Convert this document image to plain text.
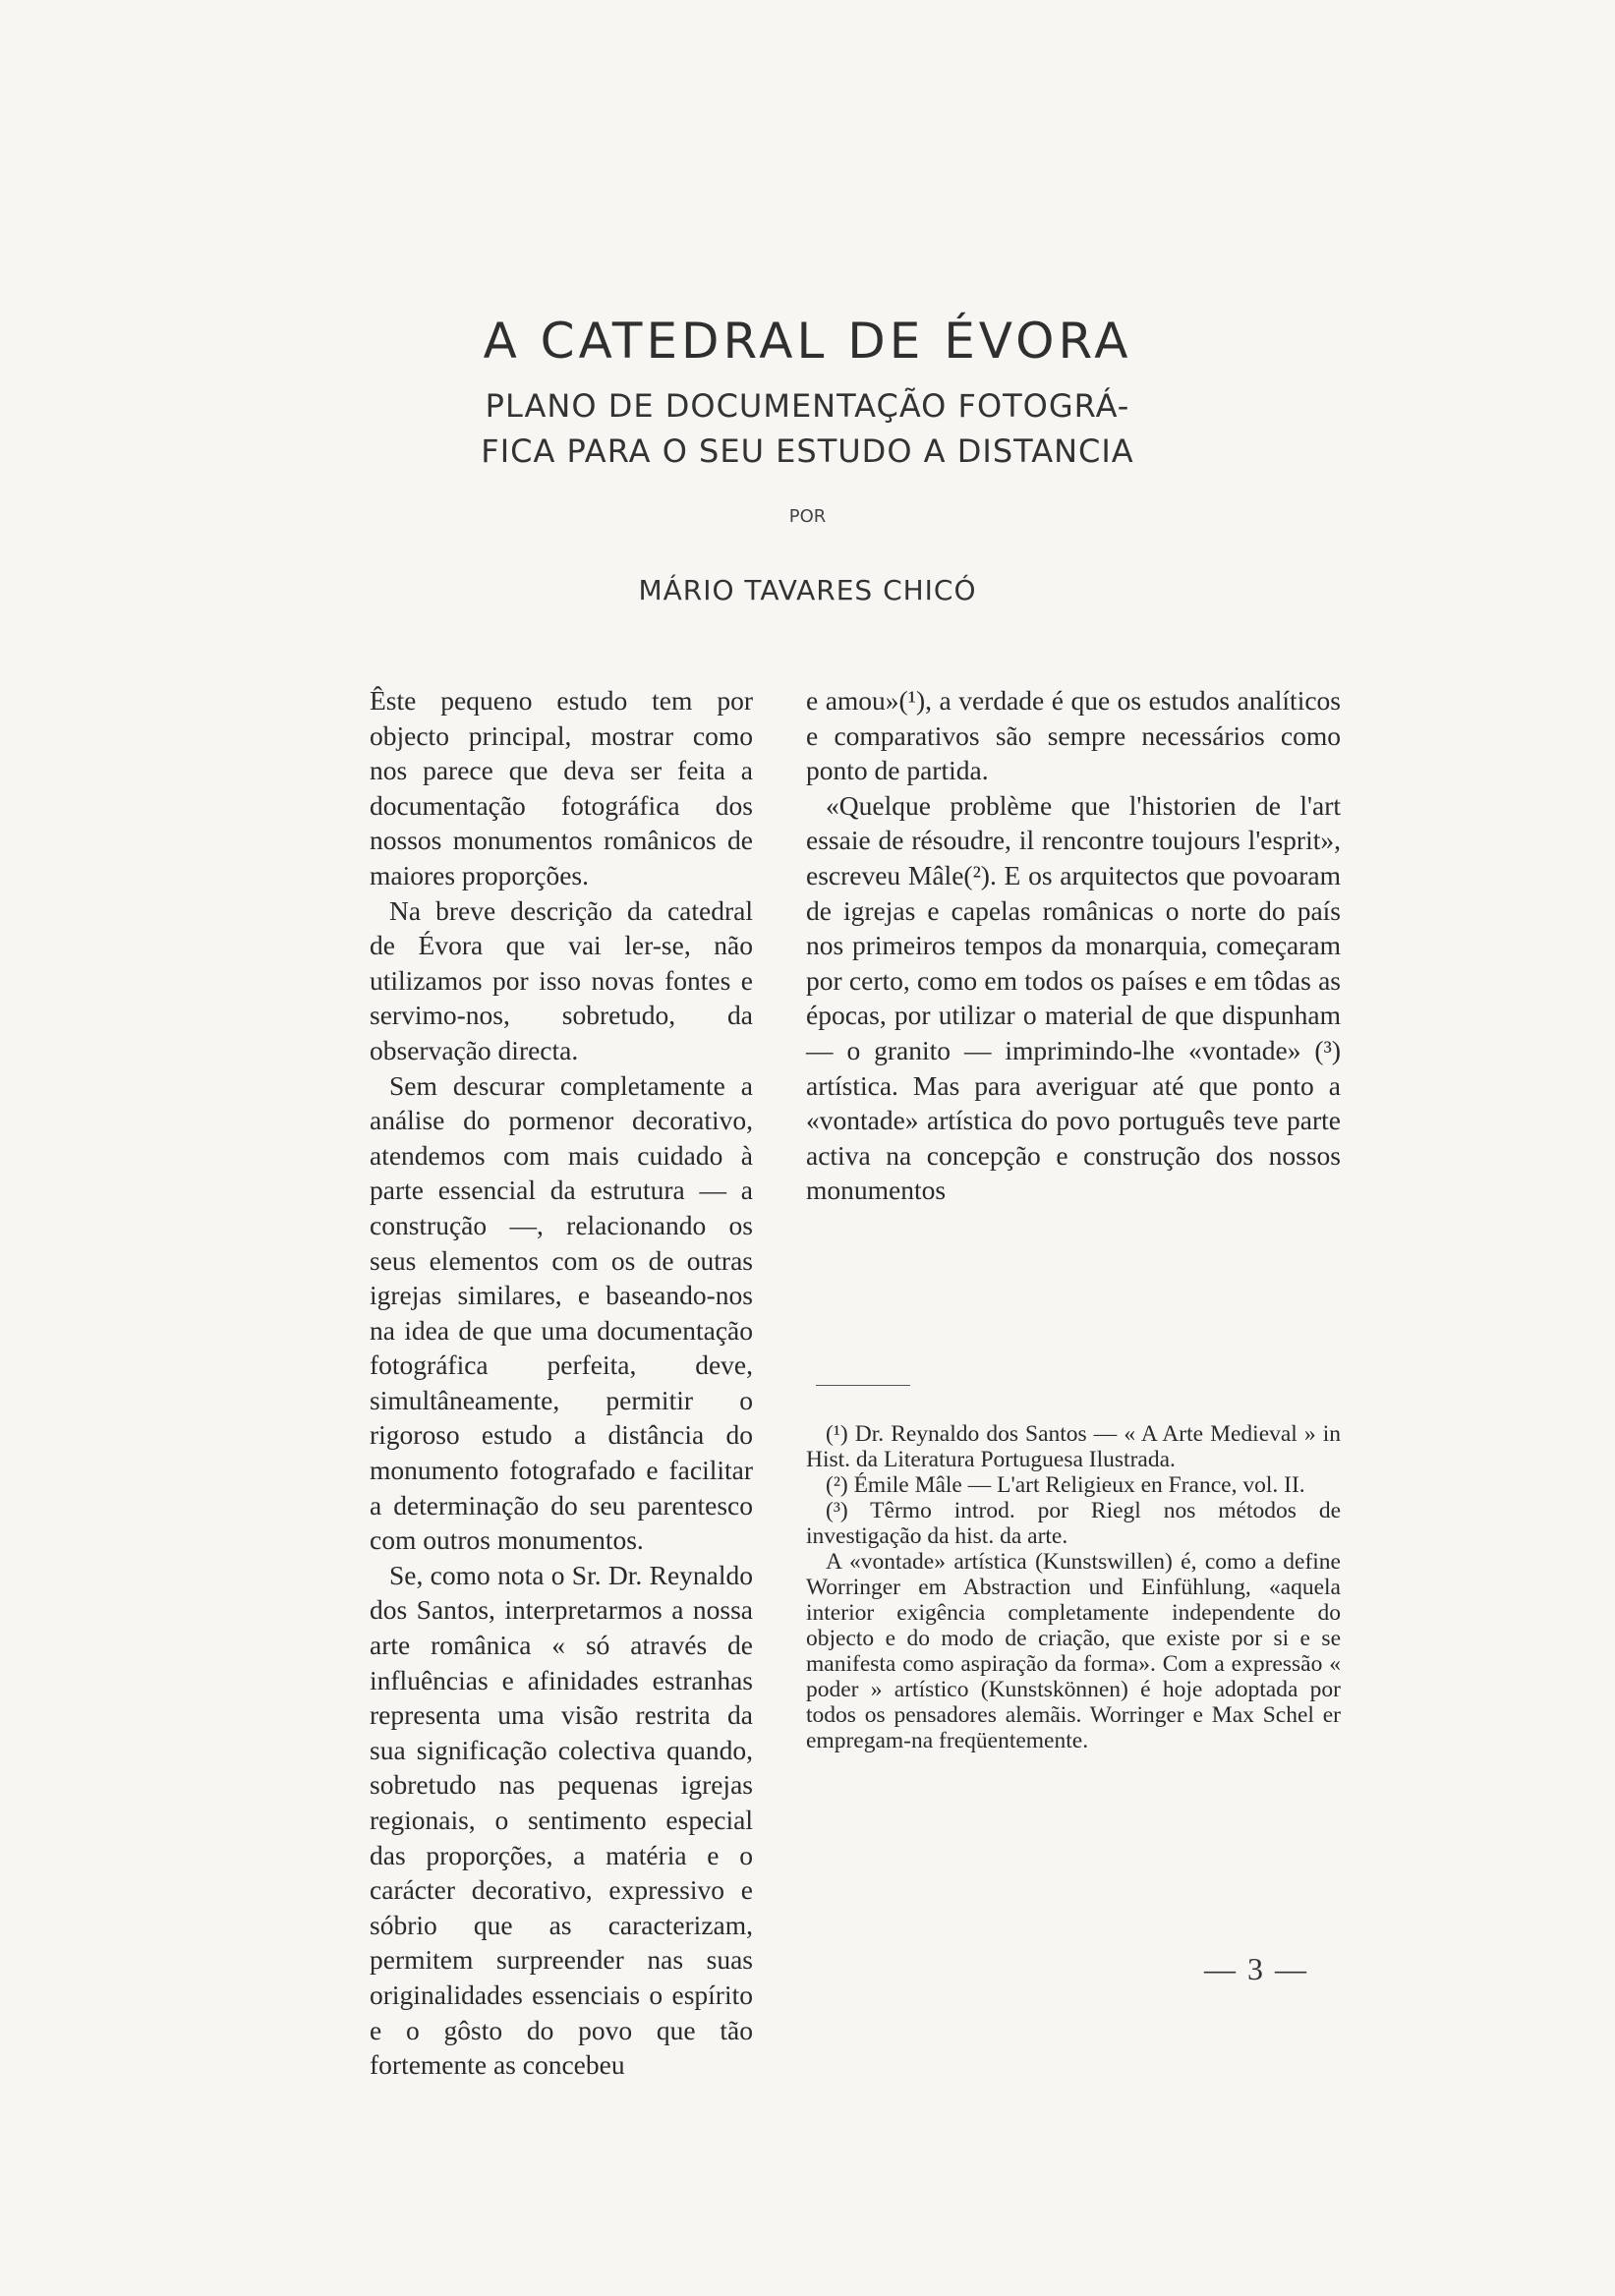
A CATEDRAL DE ÉVORA
PLANO DE DOCUMENTAÇÃO FOTOGRÁ-
FICA PARA O SEU ESTUDO A DISTANCIA
POR
MÁRIO TAVARES CHICÓ

Êste pequeno estudo tem por objecto principal, mostrar como nos parece que deva ser feita a documentação fotográfica dos nossos monumentos românicos de maiores proporções.

Na breve descrição da catedral de Évora que vai ler-se, não utilizamos por isso novas fontes e servimo-nos, sobretudo, da observação directa.

Sem descurar completamente a análise do pormenor decorativo, atendemos com mais cuidado à parte essencial da estrutura — a construção —, relacionando os seus elementos com os de outras igrejas similares, e baseando-nos na idea de que uma documentação fotográfica perfeita, deve, simultâneamente, permitir o rigoroso estudo a distância do monumento fotografado e facilitar a determinação do seu parentesco com outros monumentos.

Se, como nota o Sr. Dr. Reynaldo dos Santos, interpretarmos a nossa arte românica « só através de influências e afinidades estranhas representa uma visão restrita da sua significação colectiva quando, sobretudo nas pequenas igrejas regionais, o sentimento especial das proporções, a matéria e o carácter decorativo, expressivo e sóbrio que as caracterizam, permitem surpreender nas suas originalidades essenciais o espírito e o gôsto do povo que tão fortemente as concebeu

e amou»(¹), a verdade é que os estudos analíticos e comparativos são sempre necessários como ponto de partida.

«Quelque problème que l'historien de l'art essaie de résoudre, il rencontre toujours l'esprit», escreveu Mâle(²). E os arquitectos que povoaram de igrejas e capelas românicas o norte do país nos primeiros tempos da monarquia, começaram por certo, como em todos os países e em tôdas as épocas, por utilizar o material de que dispunham — o granito — imprimindo-lhe «vontade» (³) artística. Mas para averiguar até que ponto a «vontade» artística do povo português teve parte activa na concepção e construção dos nossos monumentos

(¹) Dr. Reynaldo dos Santos — « A Arte Medieval » in Hist. da Literatura Portuguesa Ilustrada.

(²) Émile Mâle — L'art Religieux en France, vol. II.

(³) Têrmo introd. por Riegl nos métodos de investigação da hist. da arte.

A «vontade» artística (Kunstswillen) é, como a define Worringer em Abstraction und Einfühlung, «aquela interior exigência completamente independente do objecto e do modo de criação, que existe por si e se manifesta como aspiração da forma». Com a expressão « poder » artístico (Kunstskönnen) é hoje adoptada por todos os pensadores alemãis. Worringer e Max Schel er empregam-na freqüentemente.

— 3 —
